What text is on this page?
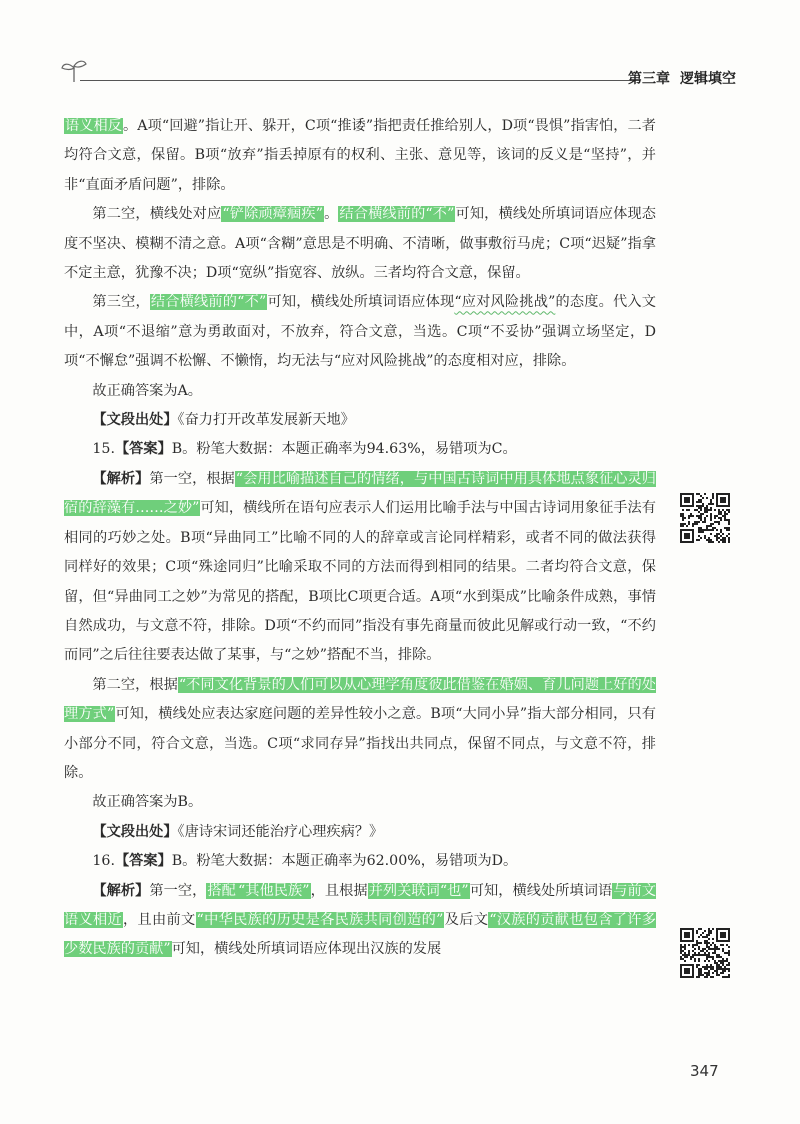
第三章 逻辑填空

语义相反。A项“回避”指让开、躲开，C项“推诿”指把责任推给别人，D项“畏惧”指害怕，二者均符合文意，保留。B项“放弃”指丢掉原有的权利、主张、意见等，该词的反义是“坚持”，并非“直面矛盾问题”，排除。

第二空，横线处对应“铲除顽瘴痼疾”。结合横线前的“不”可知，横线处所填词语应体现态度不坚决、模糊不清之意。A项“含糊”意思是不明确、不清晰，做事敷衍马虎；C项“迟疑”指拿不定主意，犹豫不决；D项“宽纵”指宽容、放纵。三者均符合文意，保留。

第三空，结合横线前的“不”可知，横线处所填词语应体现“应对风险挑战”的态度。代入文中，A项“不退缩”意为勇敢面对，不放弃，符合文意，当选。C项“不妥协”强调立场坚定，D项“不懈怠”强调不松懈、不懒惰，均无法与“应对风险挑战”的态度相对应，排除。

故正确答案为A。

【文段出处】《奋力打开改革发展新天地》

15.【答案】B。粉笔大数据：本题正确率为94.63%，易错项为C。

【解析】第一空，根据“会用比喻描述自己的情绪，与中国古诗词中用具体地点象征心灵归宿的辞藻有……之妙”可知，横线所在语句应表示人们运用比喻手法与中国古诗词用象征手法有相同的巧妙之处。B项“异曲同工”比喻不同的人的辞章或言论同样精彩，或者不同的做法获得同样好的效果；C项“殊途同归”比喻采取不同的方法而得到相同的结果。二者均符合文意，保留，但“异曲同工之妙”为常见的搭配，B项比C项更合适。A项“水到渠成”比喻条件成熟，事情自然成功，与文意不符，排除。D项“不约而同”指没有事先商量而彼此见解或行动一致，“不约而同”之后往往要表达做了某事，与“之妙”搭配不当，排除。

第二空，根据“不同文化背景的人们可以从心理学角度彼此借鉴在婚姻、育儿问题上好的处理方式”可知，横线处应表达家庭问题的差异性较小之意。B项“大同小异”指大部分相同，只有小部分不同，符合文意，当选。C项“求同存异”指找出共同点，保留不同点，与文意不符，排除。

故正确答案为B。

【文段出处】《唐诗宋词还能治疗心理疾病？》

16.【答案】B。粉笔大数据：本题正确率为62.00%，易错项为D。

【解析】第一空，搭配 “其他民族”，且根据并列关联词“也”可知，横线处所填词语与前文语义相近，且由前文“中华民族的历史是各民族共同创造的”及后文“汉族的贡献也包含了许多少数民族的贡献”可知，横线处所填词语应体现出汉族的发展

347
